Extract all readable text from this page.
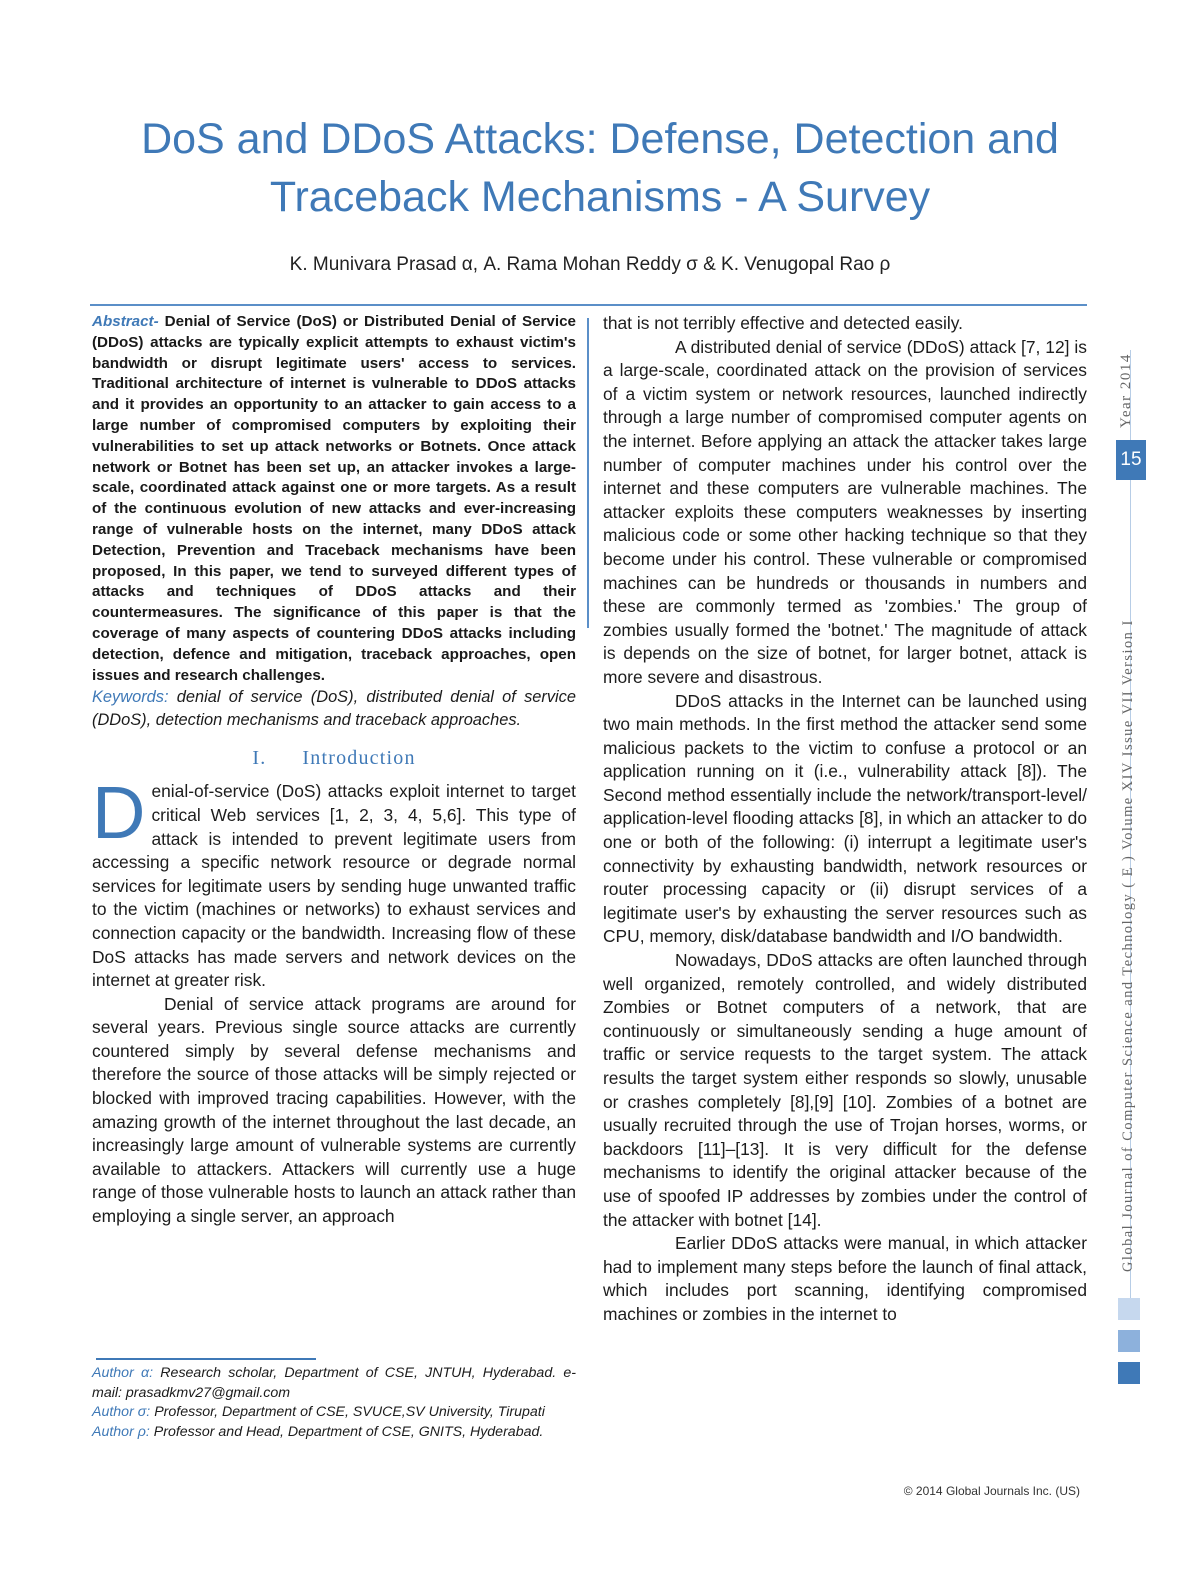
DoS and DDoS Attacks: Defense, Detection and
Traceback Mechanisms - A Survey
K. Munivara Prasad α, A. Rama Mohan Reddy σ & K. Venugopal Rao ρ

Abstract- Denial of Service (DoS) or Distributed Denial of Service (DDoS) attacks are typically explicit attempts to exhaust victim's bandwidth or disrupt legitimate users' access to services. Traditional architecture of internet is vulnerable to DDoS attacks and it provides an opportunity to an attacker to gain access to a large number of compromised computers by exploiting their vulnerabilities to set up attack networks or Botnets. Once attack network or Botnet has been set up, an attacker invokes a large-scale, coordinated attack against one or more targets. As a result of the continuous evolution of new attacks and ever-increasing range of vulnerable hosts on the internet, many DDoS attack Detection, Prevention and Traceback mechanisms have been proposed, In this paper, we tend to surveyed different types of attacks and techniques of DDoS attacks and their countermeasures. The significance of this paper is that the coverage of many aspects of countering DDoS attacks including detection, defence and mitigation, traceback approaches, open issues and research challenges.

Keywords: denial of service (DoS), distributed denial of service (DDoS), detection mechanisms and traceback approaches.

I. Introduction

Denial-of-service (DoS) attacks exploit internet to target critical Web services [1, 2, 3, 4, 5,6]. This type of attack is intended to prevent legitimate users from accessing a specific network resource or degrade normal services for legitimate users by sending huge unwanted traffic to the victim (machines or networks) to exhaust services and connection capacity or the bandwidth. Increasing flow of these DoS attacks has made servers and network devices on the internet at greater risk.

Denial of service attack programs are around for several years. Previous single source attacks are currently countered simply by several defense mechanisms and therefore the source of those attacks will be simply rejected or blocked with improved tracing capabilities. However, with the amazing growth of the internet throughout the last decade, an increasingly large amount of vulnerable systems are currently available to attackers. Attackers will currently use a huge range of those vulnerable hosts to launch an attack rather than employing a single server, an approach

that is not terribly effective and detected easily.

A distributed denial of service (DDoS) attack [7, 12] is a large-scale, coordinated attack on the provision of services of a victim system or network resources, launched indirectly through a large number of compromised computer agents on the internet. Before applying an attack the attacker takes large number of computer machines under his control over the internet and these computers are vulnerable machines. The attacker exploits these computers weaknesses by inserting malicious code or some other hacking technique so that they become under his control. These vulnerable or compromised machines can be hundreds or thousands in numbers and these are commonly termed as 'zombies.' The group of zombies usually formed the 'botnet.' The magnitude of attack is depends on the size of botnet, for larger botnet, attack is more severe and disastrous.

DDoS attacks in the Internet can be launched using two main methods. In the first method the attacker send some malicious packets to the victim to confuse a protocol or an application running on it (i.e., vulnerability attack [8]). The Second method essentially include the network/transport-level/ application-level flooding attacks [8], in which an attacker to do one or both of the following: (i) interrupt a legitimate user's connectivity by exhausting bandwidth, network resources or router processing capacity or (ii) disrupt services of a legitimate user's by exhausting the server resources such as CPU, memory, disk/database bandwidth and I/O bandwidth.

Nowadays, DDoS attacks are often launched through well organized, remotely controlled, and widely distributed Zombies or Botnet computers of a network, that are continuously or simultaneously sending a huge amount of traffic or service requests to the target system. The attack results the target system either responds so slowly, unusable or crashes completely [8],[9] [10]. Zombies of a botnet are usually recruited through the use of Trojan horses, worms, or backdoors [11]–[13]. It is very difficult for the defense mechanisms to identify the original attacker because of the use of spoofed IP addresses by zombies under the control of the attacker with botnet [14].

Earlier DDoS attacks were manual, in which attacker had to implement many steps before the launch of final attack, which includes port scanning, identifying compromised machines or zombies in the internet to

Author α: Research scholar, Department of CSE, JNTUH, Hyderabad. e-mail: prasadkmv27@gmail.com

Author σ: Professor, Department of CSE, SVUCE,SV University, Tirupati

Author ρ: Professor and Head, Department of CSE, GNITS, Hyderabad.

© 2014 Global Journals Inc. (US)
Year 2014
15
Global Journal of Computer Science and Technology ( E ) Volume XIV Issue VII Version I
